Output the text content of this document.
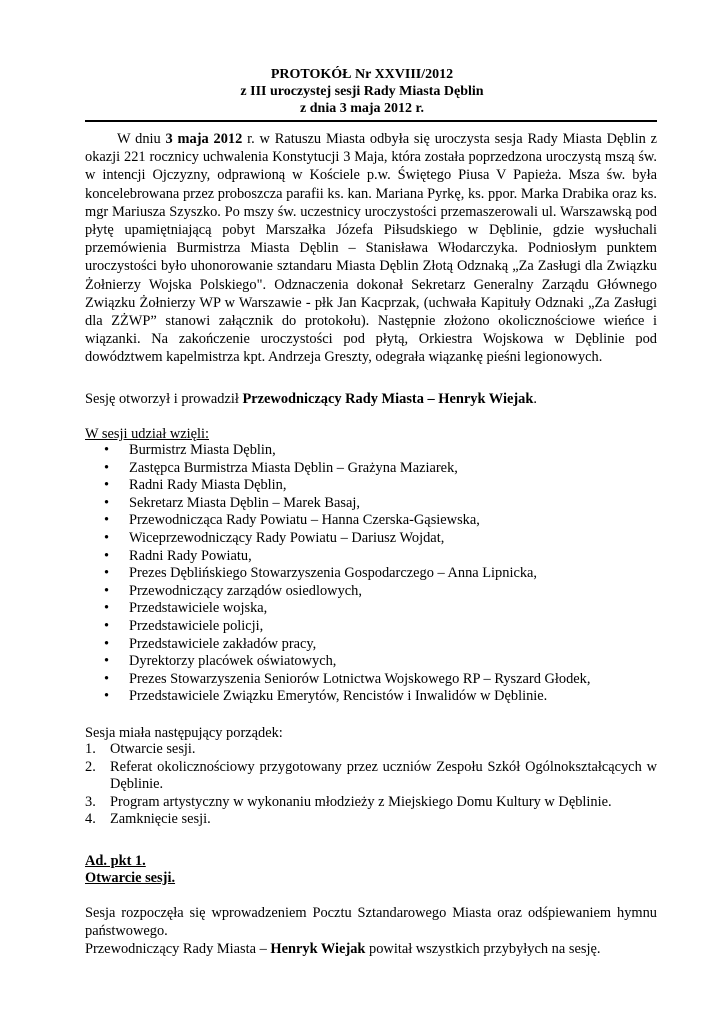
PROTOKÓŁ Nr XXVIII/2012

z III uroczystej sesji Rady Miasta Dęblin

z dnia 3 maja 2012 r.

W dniu 3 maja 2012 r. w Ratuszu Miasta odbyła się uroczysta sesja Rady Miasta Dęblin z okazji 221 rocznicy uchwalenia Konstytucji 3 Maja, która została poprzedzona uroczystą mszą św. w intencji Ojczyzny, odprawioną w Kościele p.w. Świętego Piusa V Papieża. Msza św. była koncelebrowana przez proboszcza parafii ks. kan. Mariana Pyrkę, ks. ppor. Marka Drabika oraz ks. mgr Mariusza Szyszko. Po mszy św. uczestnicy uroczystości przemaszerowali ul. Warszawską pod płytę upamiętniającą pobyt Marszałka Józefa Piłsudskiego w Dęblinie, gdzie wysłuchali przemówienia Burmistrza Miasta Dęblin – Stanisława Włodarczyka. Podniosłym punktem uroczystości było uhonorowanie sztandaru Miasta Dęblin Złotą Odznaką „Za Zasługi dla Związku Żołnierzy Wojska Polskiego". Odznaczenia dokonał Sekretarz Generalny Zarządu Głównego Związku Żołnierzy WP w Warszawie - płk Jan Kacprzak, (uchwała Kapituły Odznaki „Za Zasługi dla ZŻWP” stanowi załącznik do protokołu). Następnie złożono okolicznościowe wieńce i wiązanki. Na zakończenie uroczystości pod płytą, Orkiestra Wojskowa w Dęblinie pod dowództwem kapelmistrza kpt. Andrzeja Greszty, odegrała wiązankę pieśni legionowych.

Sesję otworzył i prowadził Przewodniczący Rady Miasta – Henryk Wiejak.

W sesji udział wzięli:

• Burmistrz Miasta Dęblin,
• Zastępca Burmistrza Miasta Dęblin – Grażyna Maziarek,
• Radni Rady Miasta Dęblin,
• Sekretarz Miasta Dęblin – Marek Basaj,
• Przewodnicząca Rady Powiatu – Hanna Czerska-Gąsiewska,
• Wiceprzewodniczący Rady Powiatu – Dariusz Wojdat,
• Radni Rady Powiatu,
• Prezes Dęblińskiego Stowarzyszenia Gospodarczego – Anna Lipnicka,
• Przewodniczący zarządów osiedlowych,
• Przedstawiciele wojska,
• Przedstawiciele policji,
• Przedstawiciele zakładów pracy,
• Dyrektorzy placówek oświatowych,
• Prezes Stowarzyszenia Seniorów Lotnictwa Wojskowego RP – Ryszard Głodek,
• Przedstawiciele Związku Emerytów, Rencistów i Inwalidów w Dęblinie.

Sesja miała następujący porządek:

1. Otwarcie sesji.
2. Referat okolicznościowy przygotowany przez uczniów Zespołu Szkół Ogólnokształcących w Dęblinie.
3. Program artystyczny w wykonaniu młodzieży z Miejskiego Domu Kultury w Dęblinie.
4. Zamknięcie sesji.

Ad. pkt 1.

Otwarcie sesji.

Sesja rozpoczęła się wprowadzeniem Pocztu Sztandarowego Miasta oraz odśpiewaniem hymnu państwowego.

Przewodniczący Rady Miasta – Henryk Wiejak powitał wszystkich przybyłych na sesję.
